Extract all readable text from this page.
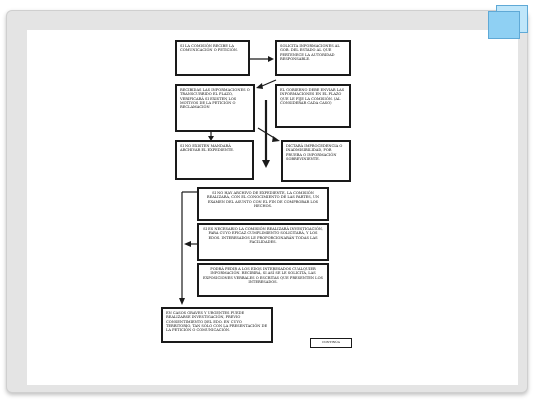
SI LA COMISIÓN RECIBE LA COMUNICACIÓN O PETICIÓN.
SOLICITA INFORMACIONES AL GOB. DEL ESTADO AL QUE PERTENECE LA AUTORIDAD RESPONSABLE.
RECIBIDAS LAS INFORMACIONES O TRANSCURRIDO EL PLAZO, VERIFICARÁ SI EXISTEN LOS MOTIVOS DE LA PETICIÓN O RECLAMACIÓN
EL GOBIERNO DEBE ENVIAR LAS INFORMACIONES EN EL PLAZO QUE LE FIJE LA COMISIÓN. (AL CONSIDERAR CADA CASO)
SI NO EXISTEN MANDARÁ ARCHIVAR EL EXPEDIENTE.
DICTARÁ IMPROCEDENCIA O INADMISIBILIDAD, POR PRUEBA O INFORMACIÓN SOBREVINIENTE.
SI NO HAY ARCHIVO DE EXPEDIENTE, LA COMISIÓN REALIZARÁ, CON EL CONOCIMIENTO DE LAS PARTES, UN EXAMEN DEL ASUNTO CON EL FIN DE COMPROBAR LOS HECHOS.
SI ES NECESARIO LA COMISIÓN REALIZARÁ INVESTIGACIÓN, PARA CUYO EFICAZ CUMPLIMIENTO SOLICITARÁ, Y LOS EDOS. INTERESADOS LE PROPORCIONARÁN TODAS LAS FACILIDADES.
PODRÁ PEDIR A LOS EDOS INTERESADOS CUALQUIER INFORMACIÓN. RECIBIRÁ, SI ASÍ SE LE SOLICITA, LAS EXPOSICIONES VERBALES O ESCRITAS QUE PRESENTEN LOS INTERESADOS.
EN CASOS GRAVES Y URGENTES PUEDE REALIZARSE INVESTIGACIÓN, PREVIO CONSENTIMIENTO DEL EDO. EN CUYO TERRITORIO, TAN SÓLO CON LA PRESENTACIÓN DE LA PETICIÓN O COMUNICACIÓN.
CONTINÚA
